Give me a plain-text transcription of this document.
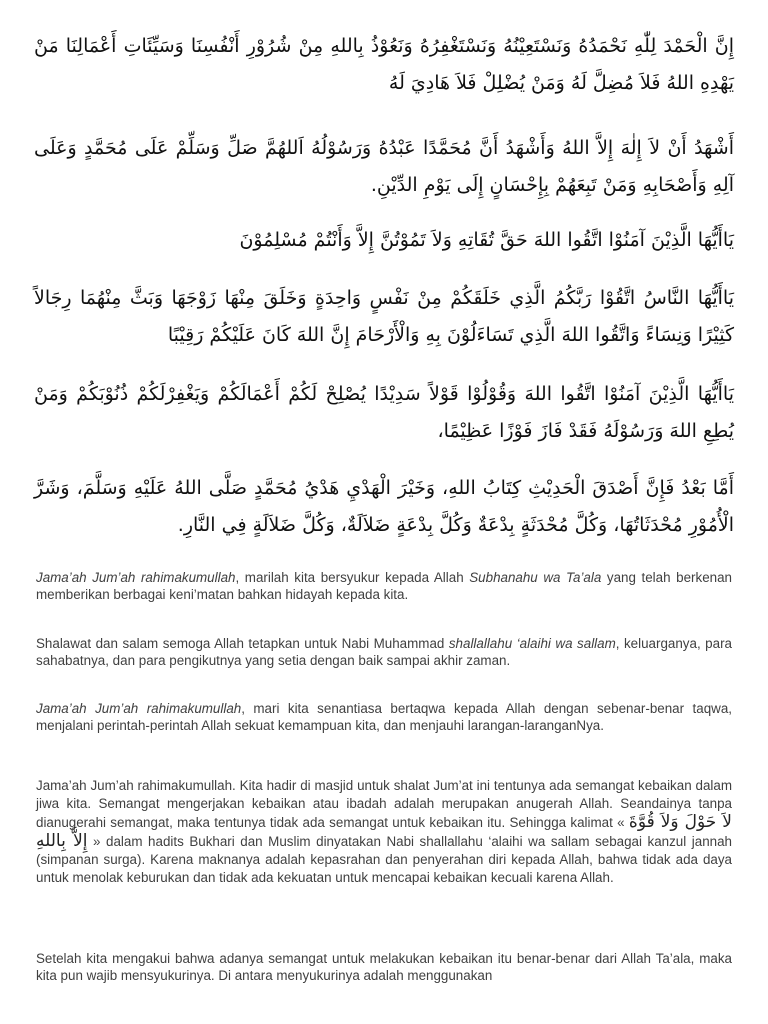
إِنَّ الْحَمْدَ لِلّٰهِ نَحْمَدُهُ وَنَسْتَعِيْنُهُ وَنَسْتَغْفِرُهُ وَنَعُوْذُ بِاللهِ مِنْ شُرُوْرِ أَنْفُسِنَا وَسَيِّئَاتِ أَعْمَالِنَا مَنْ يَهْدِهِ اللهُ فَلاَ مُضِلَّ لَهُ وَمَنْ يُضْلِلْ فَلاَ هَادِيَ لَهُ

أَشْهَدُ أَنْ لاَ إِلٰهَ إِلاَّ اللهُ وَأَشْهَدُ أَنَّ مُحَمَّدًا عَبْدُهُ وَرَسُوْلُهُ اَللهُمَّ صَلِّ وَسَلِّمْ عَلَى مُحَمَّدٍ وَعَلَى آلِهِ وَأَصْحَابِهِ وَمَنْ تَبِعَهُمْ بِإِحْسَانٍ إِلَى يَوْمِ الدِّيْنِ.

يَاأَيُّهَا الَّذِيْنَ آمَنُوْا اتَّقُوا اللهَ حَقَّ تُقَاتِهِ وَلاَ تَمُوْتُنَّ إِلاَّ وَأَنْتُمْ مُسْلِمُوْنَ

يَاأَيُّهَا النَّاسُ اتَّقُوْا رَبَّكُمُ الَّذِي خَلَقَكُمْ مِنْ نَفْسٍ وَاحِدَةٍ وَخَلَقَ مِنْهَا زَوْجَهَا وَبَثَّ مِنْهُمَا رِجَالاً كَثِيْرًا وَنِسَاءً وَاتَّقُوا اللهَ الَّذِي تَسَاءَلُوْنَ بِهِ وَالْأَرْحَامَ إِنَّ اللهَ كَانَ عَلَيْكُمْ رَقِيْبًا

يَاأَيُّهَا الَّذِيْنَ آمَنُوْا اتَّقُوا اللهَ وَقُوْلُوْا قَوْلاً سَدِيْدًا يُصْلِحْ لَكُمْ أَعْمَالَكُمْ وَيَغْفِرْلَكُمْ ذُنُوْبَكُمْ وَمَنْ يُطِعِ اللهَ وَرَسُوْلَهُ فَقَدْ فَازَ فَوْزًا عَظِيْمًا،

أَمَّا بَعْدُ فَإِنَّ أَصْدَقَ الْحَدِيْثِ كِتَابُ اللهِ، وَخَيْرَ الْهَدْيِ هَدْيُ مُحَمَّدٍ صَلَّى اللهُ عَلَيْهِ وَسَلَّمَ، وَشَرَّ الْأُمُوْرِ مُحْدَثَاتُهَا، وَكُلَّ مُحْدَثَةٍ بِدْعَةٌ وَكُلَّ بِدْعَةٍ ضَلاَلَةٌ، وَكُلَّ ضَلاَلَةٍ فِي النَّارِ.

Jama’ah Jum’ah rahimakumullah, marilah kita bersyukur kepada Allah Subhanahu wa Ta’ala yang telah berkenan memberikan berbagai keni’matan bahkan hidayah kepada kita.

Shalawat dan salam semoga Allah tetapkan untuk Nabi Muhammad shallallahu ‘alaihi wa sallam, keluarganya, para sahabatnya, dan para pengikutnya yang setia dengan baik sampai akhir zaman.

Jama’ah Jum’ah rahimakumullah, mari kita senantiasa bertaqwa kepada Allah dengan sebenar-benar taqwa, menjalani perintah-perintah Allah sekuat kemampuan kita, dan menjauhi larangan-laranganNya.

Jama’ah Jum’ah rahimakumullah. Kita hadir di masjid untuk shalat Jum’at ini tentunya ada semangat kebaikan dalam jiwa kita. Semangat mengerjakan kebaikan atau ibadah adalah merupakan anugerah Allah. Seandainya tanpa dianugerahi semangat, maka tentunya tidak ada semangat untuk kebaikan itu. Sehingga kalimat « لاَ حَوْلَ وَلاَ قُوَّةَ إِلاَّ بِاللهِ » dalam hadits Bukhari dan Muslim dinyatakan Nabi shallallahu ‘alaihi wa sallam sebagai kanzul jannah (simpanan surga). Karena maknanya adalah kepasrahan dan penyerahan diri kepada Allah, bahwa tidak ada daya untuk menolak keburukan dan tidak ada kekuatan untuk mencapai kebaikan kecuali karena Allah.

Setelah kita mengakui bahwa adanya semangat untuk melakukan kebaikan itu benar-benar dari Allah Ta’ala, maka kita pun wajib mensyukurinya. Di antara menyukurinya adalah menggunakan
